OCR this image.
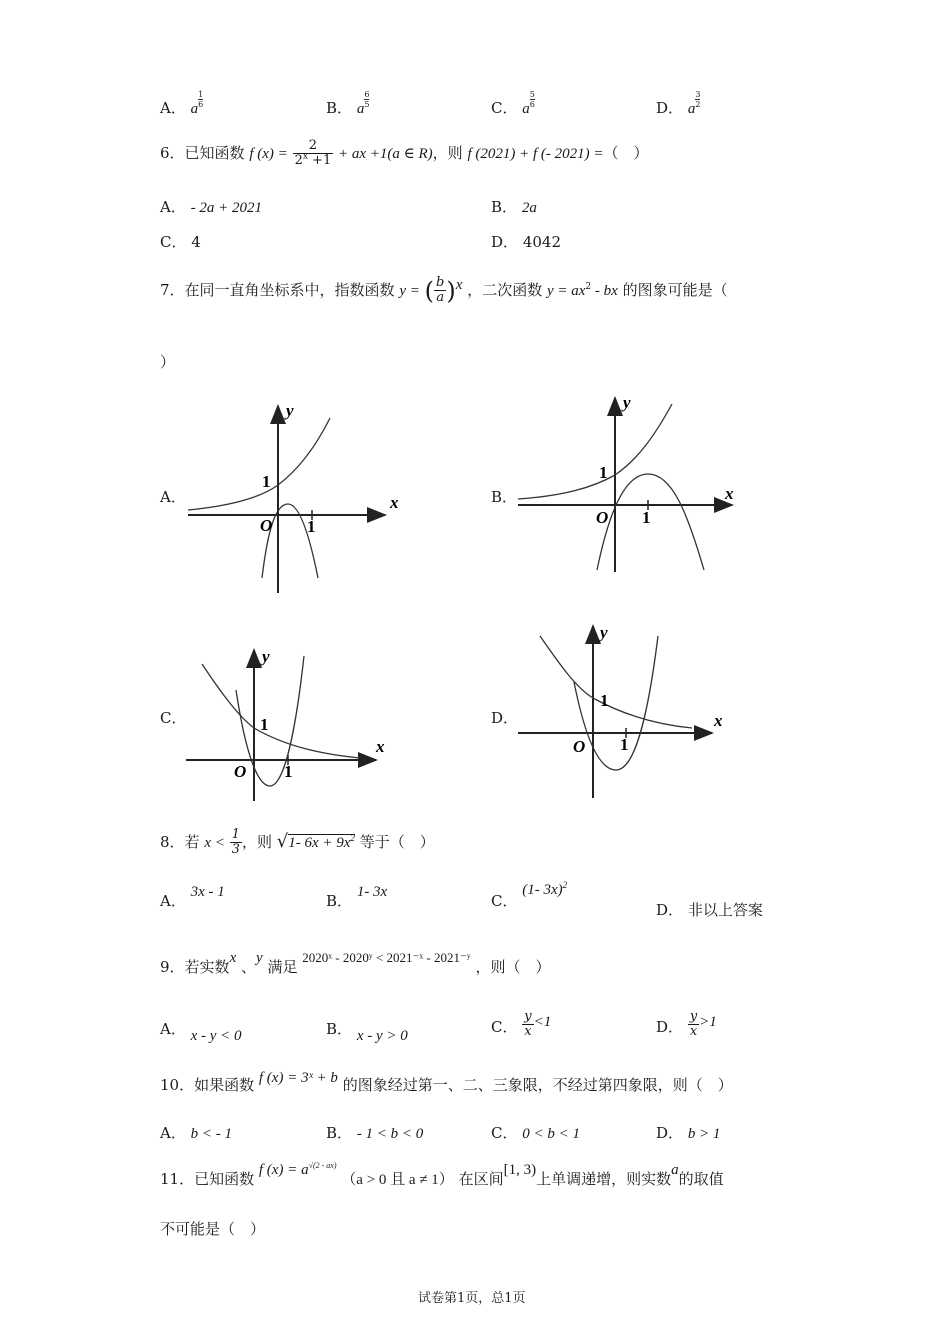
A． a $\frac{1}{6}$	B． a $\frac{6}{5}$	C． a $\frac{5}{6}$	D． a $\frac{3}{2}$
6．已知函数 f $(x) = \frac{2}{2^x +1}$ + ax +1(a ∈ R)，则 f (2021) + f (- 2021) =（　）
A． - 2a + 2021	B． 2a
C． 4	D． 4042
7．在同一直角坐标系中，指数函数 y = ( $\frac{b}{a} )^x$ ，二次函数 $y = ax^2$ - bx 的图象可能是（
）
A．
y
x
O
1
1
B．
y
x
O
1
1
C．
y
x
O
1
1
D．
y
x
O
1
1
8．若 $x < \frac{1}{3}$ ，则 √1- $6x + 9x^2$ 等于（　）
A． 3x - 1	B． 1- 3x	C． (1- 3x)$^2$
D． 非以上答案
9．若实数x 、y 满足 2020ˣ - 2020ʸ < 2021⁻ˣ - 2021⁻ʸ ，则（　）
A． x - y < 0	B． x - y > 0	C． $\frac{y}{x} <1$	D． $\frac{y}{x} >1$
10．如果函数 f (x) = 3ˣ + b 的图象经过第一、二、三象限，不经过第四象限，则（　）
A． b < - 1	B． - 1 < b < 0	C． 0 < b < 1	D． b > 1
11．已知函数 f $(x) = a^{√(2 - ax)}$ （a > 0 且 a ≠ 1） 在区间[1, 3)上单调递增，则实数a的取值
不可能是（　）
试卷第1页，总1页
